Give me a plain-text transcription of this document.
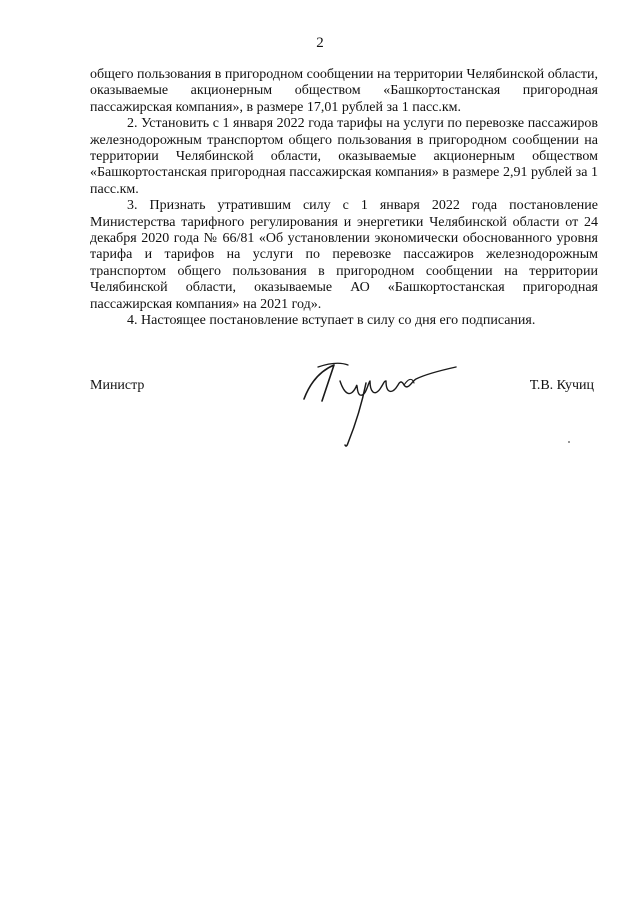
2

общего пользования в пригородном сообщении на территории Челябинской области, оказываемые акционерным обществом «Башкортостанская пригородная пассажирская компания», в размере 17,01 рублей за 1 пасс.км.

2. Установить с 1 января 2022 года тарифы на услуги по перевозке пассажиров железнодорожным транспортом общего пользования в пригородном сообщении на территории Челябинской области, оказываемые акционерным обществом «Башкортостанская пригородная пассажирская компания» в размере 2,91 рублей за 1 пасс.км.

3. Признать утратившим силу с 1 января 2022 года постановление Министерства тарифного регулирования и энергетики Челябинской области от 24 декабря 2020 года № 66/81 «Об установлении экономически обоснованного уровня тарифа и тарифов на услуги по перевозке пассажиров железнодорожным транспортом общего пользования в пригородном сообщении на территории Челябинской области, оказываемые АО «Башкортостанская пригородная пассажирская компания» на 2021 год».

4. Настоящее постановление вступает в силу со дня его подписания.

Министр	Т.В. Кучиц
